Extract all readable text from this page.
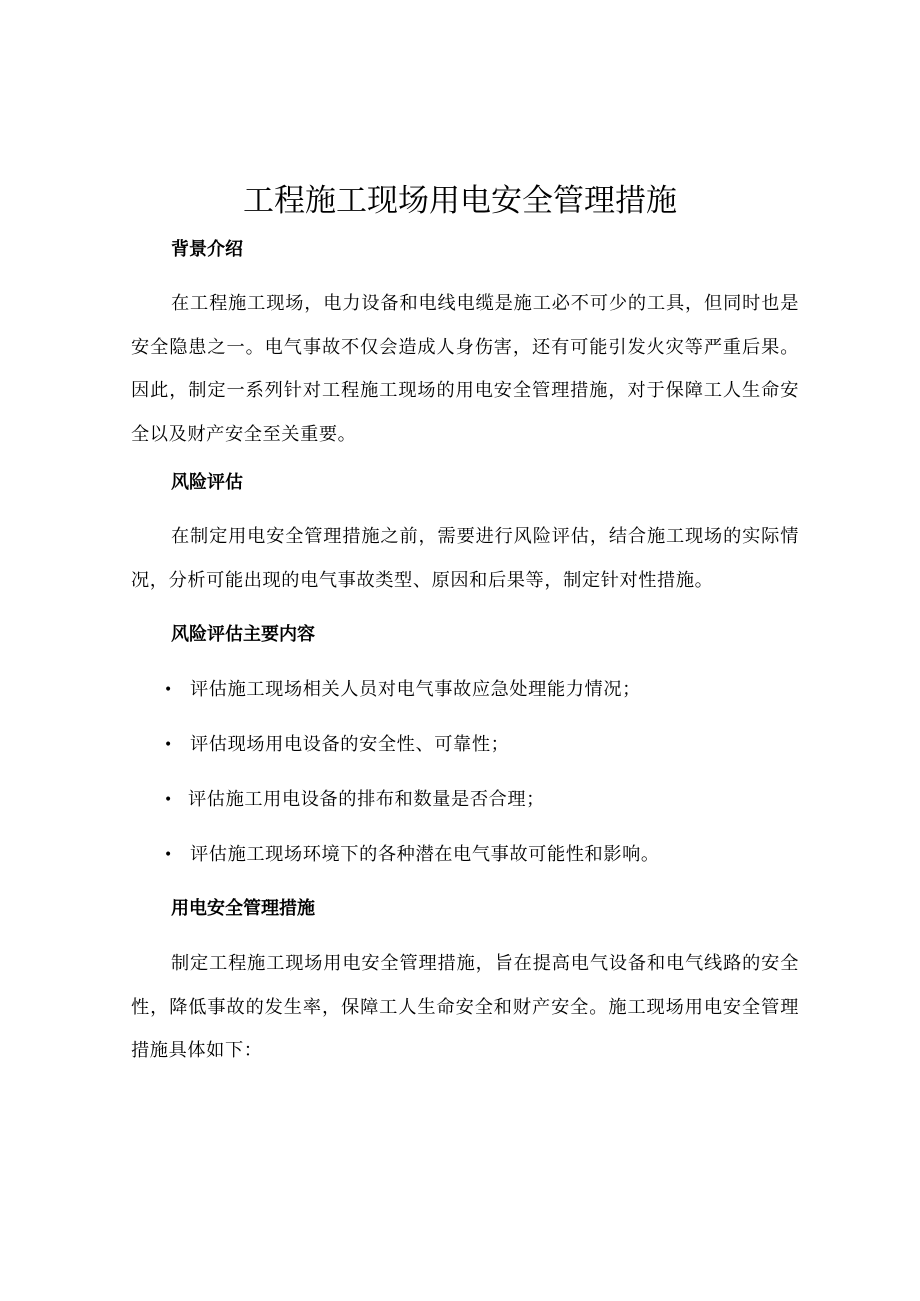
工程施工现场用电安全管理措施
背景介绍

在工程施工现场，电力设备和电线电缆是施工必不可少的工具，但同时也是安全隐患之一。电气事故不仅会造成人身伤害，还有可能引发火灾等严重后果。因此，制定一系列针对工程施工现场的用电安全管理措施，对于保障工人生命安全以及财产安全至关重要。

风险评估

在制定用电安全管理措施之前，需要进行风险评估，结合施工现场的实际情况，分析可能出现的电气事故类型、原因和后果等，制定针对性措施。

风险评估主要内容
• 评估施工现场相关人员对电气事故应急处理能力情况；
• 评估现场用电设备的安全性、可靠性；
• 评估施工用电设备的排布和数量是否合理；
• 评估施工现场环境下的各种潜在电气事故可能性和影响。
用电安全管理措施

制定工程施工现场用电安全管理措施，旨在提高电气设备和电气线路的安全性，降低事故的发生率，保障工人生命安全和财产安全。施工现场用电安全管理措施具体如下：
